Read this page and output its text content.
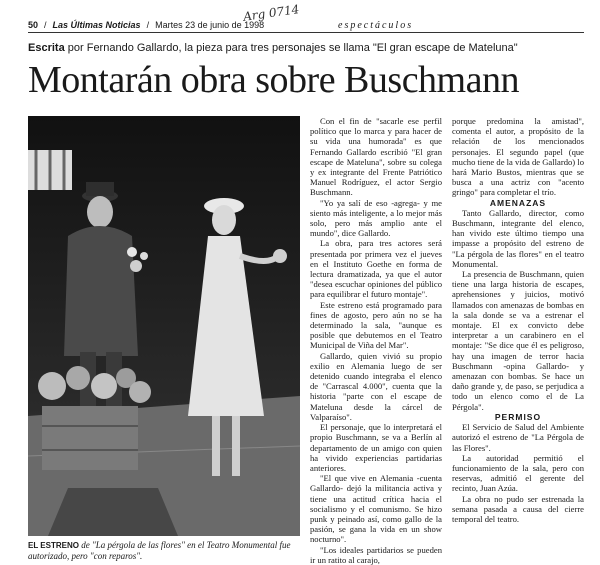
50 / Las Últimas Noticias / Martes 23 de junio de 1998	espectáculos
Arg 0714
Escrita por Fernando Gallardo, la pieza para tres personajes se llama "El gran escape de Mateluna"
Montarán obra sobre Buschmann
EL ESTRENO de "La pérgola de las flores" en el Teatro Monumental fue autorizado, pero "con reparos".

Con el fin de "sacarle ese perfil político que lo marca y para hacer de su vida una humorada" es que Fernando Gallardo escribió "El gran escape de Mateluna", sobre su colega y ex integrante del Frente Patriótico Manuel Rodríguez, el actor Sergio Buschmann.

"Yo ya salí de eso -agrega- y me siento más inteligente, a lo mejor más solo, pero más amplio ante el mundo", dice Gallardo.

La obra, para tres actores será presentada por primera vez el jueves en el Instituto Goethe en forma de lectura dramatizada, ya que el autor "desea escuchar opiniones del público para equilibrar el futuro montaje".

Este estreno está programado para fines de agosto, pero aún no se ha determinado la sala, "aunque es posible que debutemos en el Teatro Municipal de Viña del Mar".

Gallardo, quien vivió su propio exilio en Alemania luego de ser detenido cuando integraba el elenco de "Carrascal 4.000", cuenta que la historia "parte con el escape de Mateluna desde la cárcel de Valparaíso".

El personaje, que lo interpretará el propio Buschmann, se va a Berlín al departamento de un amigo con quien ha vivido experiencias partidarias anteriores.

"El que vive en Alemania -cuenta Gallardo- dejó la militancia activa y tiene una actitud crítica hacia el socialismo y el comunismo. Se hizo punk y peinado así, como gallo de la pasión, se gana la vida en un show nocturno".

"Los ideales partidarios se pueden ir un ratito al carajo,

porque predomina la amistad", comenta el autor, a propósito de la relación de los mencionados personajes. El segundo papel (que mucho tiene de la vida de Gallardo) lo hará Mario Bustos, mientras que se busca a una actriz con "acento gringo" para completar el trío.

AMENAZAS

Tanto Gallardo, director, como Buschmann, integrante del elenco, han vivido este último tiempo una impasse a propósito del estreno de "La pérgola de las flores" en el teatro Monumental.

La presencia de Buschmann, quien tiene una larga historia de escapes, aprehensiones y juicios, motivó llamados con amenazas de bombas en la sala donde se va a estrenar el montaje. El ex convicto debe interpretar a un carabinero en el montaje: "Se dice que él es peligroso, hay una imagen de terror hacia Buschmann -opina Gallardo- y amenazan con bombas. Se hace un daño grande y, de paso, se perjudica a todo un elenco como el de La Pérgola".

PERMISO

El Servicio de Salud del Ambiente autorizó el estreno de "La Pérgola de las Flores".

La autoridad permitió el funcionamiento de la sala, pero con reservas, admitió el gerente del recinto, Juan Azúa.

La obra no pudo ser estrenada la semana pasada a causa del cierre temporal del teatro.
